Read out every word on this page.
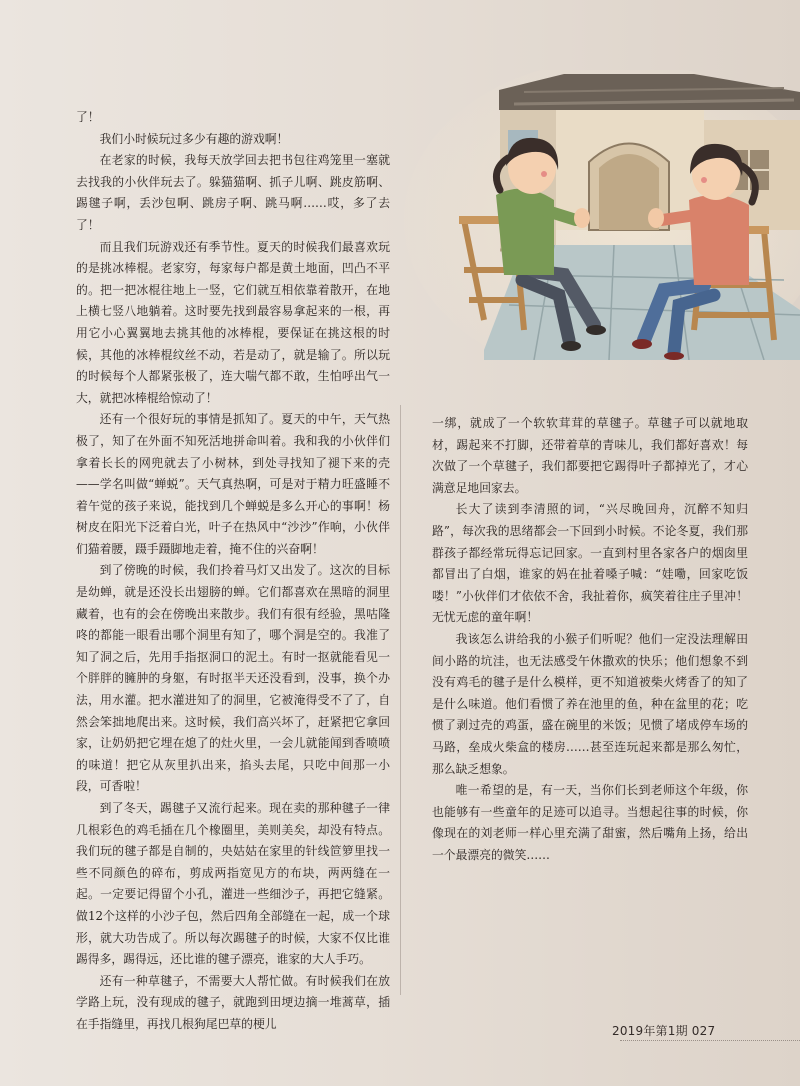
了！

我们小时候玩过多少有趣的游戏啊！

在老家的时候，我每天放学回去把书包往鸡笼里一塞就去找我的小伙伴玩去了。躲猫猫啊、抓子儿啊、跳皮筋啊、踢毽子啊，丢沙包啊、跳房子啊、跳马啊……哎，多了去了！

而且我们玩游戏还有季节性。夏天的时候我们最喜欢玩的是挑冰棒棍。老家穷，每家每户都是黄土地面，凹凸不平的。把一把冰棍往地上一竖，它们就互相依靠着散开，在地上横七竖八地躺着。这时要先找到最容易拿起来的一根，再用它小心翼翼地去挑其他的冰棒棍，要保证在挑这根的时候，其他的冰棒棍纹丝不动，若是动了，就是输了。所以玩的时候每个人都紧张极了，连大喘气都不敢，生怕呼出气一大，就把冰棒棍给惊动了！

还有一个很好玩的事情是抓知了。夏天的中午，天气热极了，知了在外面不知死活地拼命叫着。我和我的小伙伴们拿着长长的网兜就去了小树林，到处寻找知了褪下来的壳——学名叫做“蝉蜕”。天气真热啊，可是对于精力旺盛睡不着午觉的孩子来说，能找到几个蝉蜕是多么开心的事啊！杨树皮在阳光下泛着白光，叶子在热风中“沙沙”作响，小伙伴们猫着腰，蹑手蹑脚地走着，掩不住的兴奋啊！

到了傍晚的时候，我们拎着马灯又出发了。这次的目标是幼蝉，就是还没长出翅膀的蝉。它们都喜欢在黑暗的洞里藏着，也有的会在傍晚出来散步。我们有很有经验，黑咕隆咚的都能一眼看出哪个洞里有知了，哪个洞是空的。我准了知了洞之后，先用手指抠洞口的泥土。有时一抠就能看见一个胖胖的臃肿的身躯，有时抠半天还没看到，没事，换个办法，用水灌。把水灌进知了的洞里，它被淹得受不了了，自然会笨拙地爬出来。这时候，我们高兴坏了，赶紧把它拿回家，让奶奶把它埋在熄了的灶火里，一会儿就能闻到香喷喷的味道！把它从灰里扒出来，掐头去尾，只吃中间那一小段，可香啦！

到了冬天，踢毽子又流行起来。现在卖的那种毽子一律几根彩色的鸡毛插在几个橡圈里，美则美矣，却没有特点。我们玩的毽子都是自制的，央姑姑在家里的针线笸箩里找一些不同颜色的碎布，剪成两指宽见方的布块，两两缝在一起。一定要记得留个小孔，灌进一些细沙子，再把它缝紧。做12个这样的小沙子包，然后四角全部缝在一起，成一个球形，就大功告成了。所以每次踢毽子的时候，大家不仅比谁踢得多，踢得远，还比谁的毽子漂亮，谁家的大人手巧。

还有一种草毽子，不需要大人帮忙做。有时候我们在放学路上玩，没有现成的毽子，就跑到田埂边摘一堆蒿草，插在手指缝里，再找几根狗尾巴草的梗儿

一绑，就成了一个软软茸茸的草毽子。草毽子可以就地取材，踢起来不打脚，还带着草的青味儿，我们都好喜欢！每次做了一个草毽子，我们都要把它踢得叶子都掉光了，才心满意足地回家去。

长大了读到李清照的词，“兴尽晚回舟，沉醉不知归路”，每次我的思绪都会一下回到小时候。不论冬夏，我们那群孩子都经常玩得忘记回家。一直到村里各家各户的烟囱里都冒出了白烟，谁家的妈在扯着嗓子喊：“娃嘞，回家吃饭喽！”小伙伴们才依依不舍，我扯着你，疯笑着往庄子里冲！无忧无虑的童年啊！

我该怎么讲给我的小猴子们听呢？他们一定没法理解田间小路的坑洼，也无法感受午休撒欢的快乐；他们想象不到没有鸡毛的毽子是什么模样，更不知道被柴火烤香了的知了是什么味道。他们看惯了养在池里的鱼，种在盆里的花；吃惯了剥过壳的鸡蛋，盛在碗里的米饭；见惯了堵成停车场的马路，垒成火柴盒的楼房……甚至连玩起来都是那么匆忙，那么缺乏想象。

唯一希望的是，有一天，当你们长到老师这个年级，你也能够有一些童年的足迹可以追寻。当想起往事的时候，你像现在的刘老师一样心里充满了甜蜜，然后嘴角上扬，给出一个最漂亮的微笑……

2019年第1期 027
